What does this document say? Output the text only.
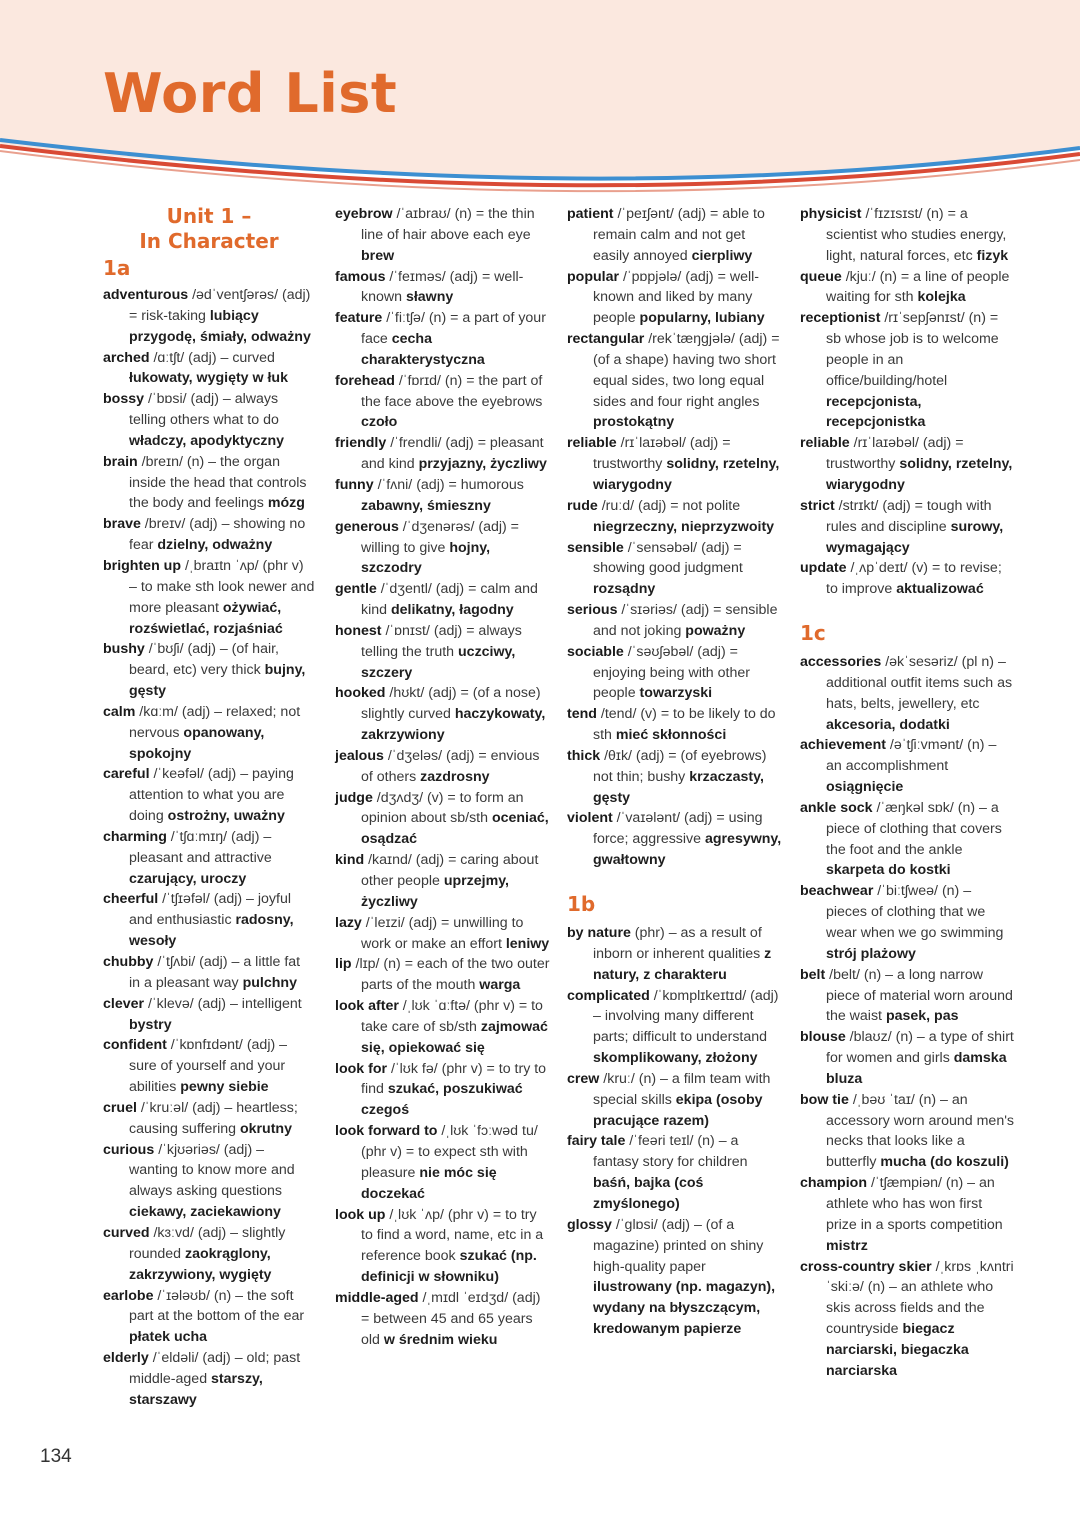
Word List
Unit 1 –
In Character
1a
adventurous /ədˈventʃərəs/ (adj) = risk-taking lubiący przygodę, śmiały, odważny
arched /ɑːtʃt/ (adj) – curved łukowaty, wygięty w łuk
bossy /ˈbɒsi/ (adj) – always telling others what to do władczy, apodyktyczny
brain /breɪn/ (n) – the organ inside the head that controls the body and feelings mózg
brave /breɪv/ (adj) – showing no fear dzielny, odważny
brighten up /ˌbraɪtn ˈʌp/ (phr v) – to make sth look newer and more pleasant ożywiać, rozświetlać, rozjaśniać
bushy /ˈbʊʃi/ (adj) – (of hair, beard, etc) very thick bujny, gęsty
calm /kɑːm/ (adj) – relaxed; not nervous opanowany, spokojny
careful /ˈkeəfəl/ (adj) – paying attention to what you are doing ostrożny, uważny
charming /ˈtʃɑːmɪŋ/ (adj) – pleasant and attractive czarujący, uroczy
cheerful /ˈtʃɪəfəl/ (adj) – joyful and enthusiastic radosny, wesoły
chubby /ˈtʃʌbi/ (adj) – a little fat in a pleasant way pulchny
clever /ˈklevə/ (adj) – intelligent bystry
confident /ˈkɒnfɪdənt/ (adj) – sure of yourself and your abilities pewny siebie
cruel /ˈkruːəl/ (adj) – heartless; causing suffering okrutny
curious /ˈkjʊəriəs/ (adj) – wanting to know more and always asking questions ciekawy, zaciekawiony
curved /kɜːvd/ (adj) – slightly rounded zaokrąglony, zakrzywiony, wygięty
earlobe /ˈɪələʊb/ (n) – the soft part at the bottom of the ear płatek ucha
elderly /ˈeldəli/ (adj) – old; past middle-aged starszy, starszawy
eyebrow /ˈaɪbraʊ/ (n) = the thin line of hair above each eye brew
famous /ˈfeɪməs/ (adj) = well-known sławny
feature /ˈfiːtʃə/ (n) = a part of your face cecha charakterystyczna
forehead /ˈfɒrɪd/ (n) = the part of the face above the eyebrows czoło
friendly /ˈfrendli/ (adj) = pleasant and kind przyjazny, życzliwy
funny /ˈfʌni/ (adj) = humorous zabawny, śmieszny
generous /ˈdʒenərəs/ (adj) = willing to give hojny, szczodry
gentle /ˈdʒentl/ (adj) = calm and kind delikatny, łagodny
honest /ˈɒnɪst/ (adj) = always telling the truth uczciwy, szczery
hooked /hʊkt/ (adj) = (of a nose) slightly curved haczykowaty, zakrzywiony
jealous /ˈdʒeləs/ (adj) = envious of others zazdrosny
judge /dʒʌdʒ/ (v) = to form an opinion about sb/sth oceniać, osądzać
kind /kaɪnd/ (adj) = caring about other people uprzejmy, życzliwy
lazy /ˈleɪzi/ (adj) = unwilling to work or make an effort leniwy
lip /lɪp/ (n) = each of the two outer parts of the mouth warga
look after /ˌlʊk ˈɑːftə/ (phr v) = to take care of sb/sth zajmować się, opiekować się
look for /ˈlʊk fə/ (phr v) = to try to find szukać, poszukiwać czegoś
look forward to /ˌlʊk ˈfɔːwəd tu/ (phr v) = to expect sth with pleasure nie móc się doczekać
look up /ˌlʊk ˈʌp/ (phr v) = to try to find a word, name, etc in a reference book szukać (np. definicji w słowniku)
middle-aged /ˌmɪdl ˈeɪdʒd/ (adj) = between 45 and 65 years old w średnim wieku
patient /ˈpeɪʃənt/ (adj) = able to remain calm and not get easily annoyed cierpliwy
popular /ˈpɒpjələ/ (adj) = well-known and liked by many people popularny, lubiany
rectangular /rekˈtæŋgjələ/ (adj) = (of a shape) having two short equal sides, two long equal sides and four right angles prostokątny
reliable /rɪˈlaɪəbəl/ (adj) = trustworthy solidny, rzetelny, wiarygodny
rude /ruːd/ (adj) = not polite niegrzeczny, nieprzyzwoity
sensible /ˈsensəbəl/ (adj) = showing good judgment rozsądny
serious /ˈsɪəriəs/ (adj) = sensible and not joking poważny
sociable /ˈsəʊʃəbəl/ (adj) = enjoying being with other people towarzyski
tend /tend/ (v) = to be likely to do sth mieć skłonności
thick /θɪk/ (adj) = (of eyebrows) not thin; bushy krzaczasty, gęsty
violent /ˈvaɪələnt/ (adj) = using force; aggressive agresywny, gwałtowny
1b
by nature (phr) – as a result of inborn or inherent qualities z natury, z charakteru
complicated /ˈkɒmplɪkeɪtɪd/ (adj) – involving many different parts; difficult to understand skomplikowany, złożony
crew /kruː/ (n) – a film team with special skills ekipa (osoby pracujące razem)
fairy tale /ˈfeəri teɪl/ (n) – a fantasy story for children baśń, bajka (coś zmyślonego)
glossy /ˈglɒsi/ (adj) – (of a magazine) printed on shiny high-quality paper ilustrowany (np. magazyn), wydany na błyszczącym, kredowanym papierze
physicist /ˈfɪzɪsɪst/ (n) = a scientist who studies energy, light, natural forces, etc fizyk
queue /kjuː/ (n) = a line of people waiting for sth kolejka
receptionist /rɪˈsepʃənɪst/ (n) = sb whose job is to welcome people in an office/building/hotel recepcjonista, recepcjonistka
reliable /rɪˈlaɪəbəl/ (adj) = trustworthy solidny, rzetelny, wiarygodny
strict /strɪkt/ (adj) = tough with rules and discipline surowy, wymagający
update /ˌʌpˈdeɪt/ (v) = to revise; to improve aktualizować
1c
accessories /əkˈsesəriz/ (pl n) – additional outfit items such as hats, belts, jewellery, etc akcesoria, dodatki
achievement /əˈtʃiːvmənt/ (n) – an accomplishment osiągnięcie
ankle sock /ˈæŋkəl sɒk/ (n) – a piece of clothing that covers the foot and the ankle skarpeta do kostki
beachwear /ˈbiːtʃweə/ (n) – pieces of clothing that we wear when we go swimming strój plażowy
belt /belt/ (n) – a long narrow piece of material worn around the waist pasek, pas
blouse /blaʊz/ (n) – a type of shirt for women and girls damska bluza
bow tie /ˌbəʊ ˈtaɪ/ (n) – an accessory worn around men's necks that looks like a butterfly mucha (do koszuli)
champion /ˈtʃæmpiən/ (n) – an athlete who has won first prize in a sports competition mistrz
cross-country skier /ˌkrɒs ˌkʌntri ˈskiːə/ (n) – an athlete who skis across fields and the countryside biegacz narciarski, biegaczka narciarska
134
